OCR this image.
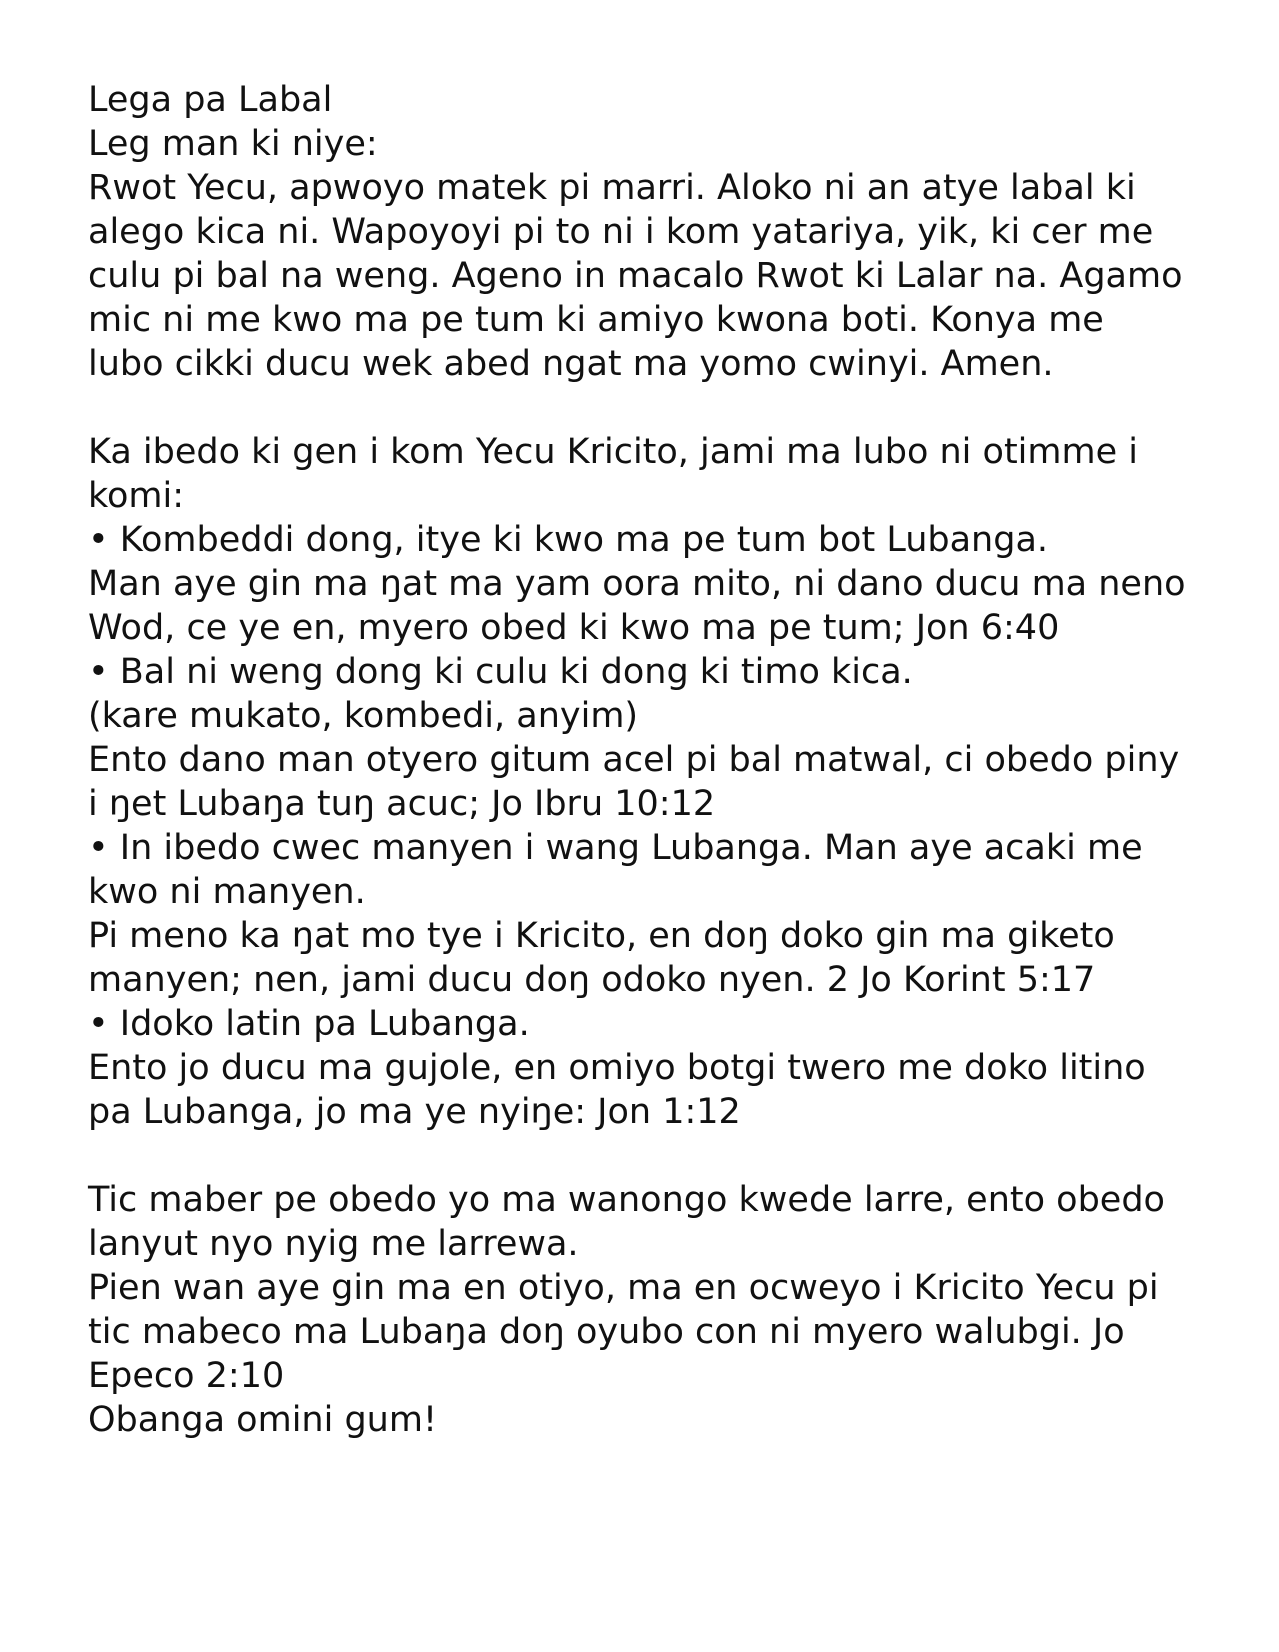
Lega pa Labal
Leg man ki niye:
Rwot Yecu, apwoyo matek pi marri. Aloko ni an atye labal ki
alego kica ni. Wapoyoyi pi to ni i kom yatariya, yik, ki cer me
culu pi bal na weng. Ageno in macalo Rwot ki Lalar na. Agamo
mic ni me kwo ma pe tum ki amiyo kwona boti. Konya me
lubo cikki ducu wek abed ngat ma yomo cwinyi. Amen.
Ka ibedo ki gen i kom Yecu Kricito, jami ma lubo ni otimme i
komi:
• Kombeddi dong, itye ki kwo ma pe tum bot Lubanga.
Man aye gin ma ŋat ma yam oora mito, ni dano ducu ma neno
Wod, ce ye en, myero obed ki kwo ma pe tum; Jon 6:40
• Bal ni weng dong ki culu ki dong ki timo kica.
(kare mukato, kombedi, anyim)
Ento dano man otyero gitum acel pi bal matwal, ci obedo piny
i ŋet Lubaŋa tuŋ acuc; Jo Ibru 10:12
• In ibedo cwec manyen i wang Lubanga. Man aye acaki me
kwo ni manyen.
Pi meno ka ŋat mo tye i Kricito, en doŋ doko gin ma giketo
manyen; nen, jami ducu doŋ odoko nyen. 2 Jo Korint 5:17
• Idoko latin pa Lubanga.
Ento jo ducu ma gujole, en omiyo botgi twero me doko litino
pa Lubanga, jo ma ye nyiŋe: Jon 1:12
Tic maber pe obedo yo ma wanongo kwede larre, ento obedo
lanyut nyo nyig me larrewa.
Pien wan aye gin ma en otiyo, ma en ocweyo i Kricito Yecu pi
tic mabeco ma Lubaŋa doŋ oyubo con ni myero walubgi. Jo
Epeco 2:10
Obanga omini gum!
